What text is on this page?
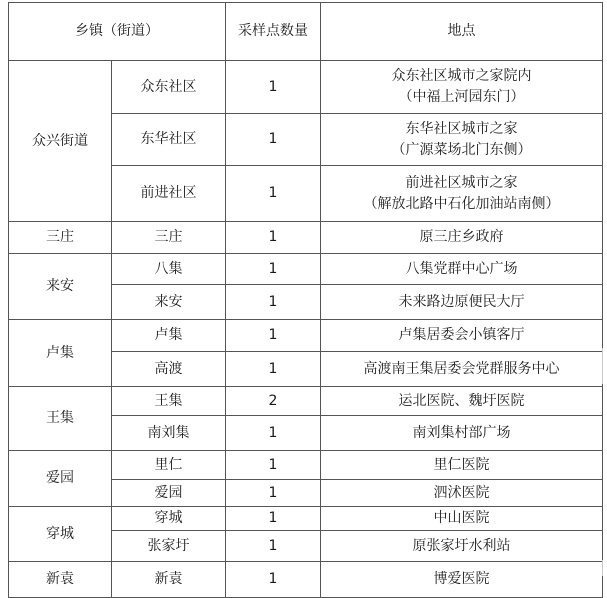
乡镇（街道）		采样点数量	地点
众兴街道	众东社区	1	众东社区城市之家院内
（中福上河园东门）

	东华社区	1	东华社区城市之家
（广源菜场北门东侧）

	前进社区	1	前进社区城市之家
（解放北路中石化加油站南侧）

三庄	三庄	1	原三庄乡政府
来安	八集	1	八集党群中心广场
	来安	1	未来路边原便民大厅
卢集	卢集	1	卢集居委会小镇客厅
	高渡	1	高渡南王集居委会党群服务中心
王集	王集	2	运北医院、魏圩医院
	南刘集	1	南刘集村部广场
爱园	里仁	1	里仁医院
	爱园	1	泗沭医院
穿城	穿城	1	中山医院
	张家圩	1	原张家圩水利站
新袁	新袁	1	博爱医院
